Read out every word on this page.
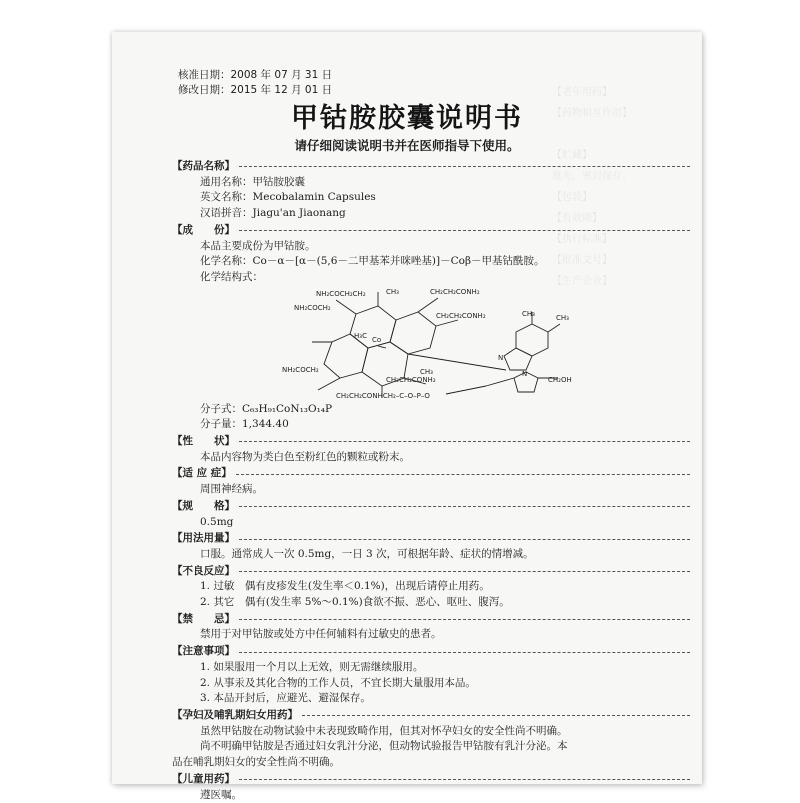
【老年用药】
【药物相互作用】

【贮藏】
遮光，密封保存。
【包装】
【有效期】
【执行标准】
【批准文号】
【生产企业】
核准日期：2008 年 07 月 31 日
修改日期：2015 年 12 月 01 日
甲钴胺胶囊说明书
请仔细阅读说明书并在医师指导下使用。
【药品名称】
通用名称：甲钴胺胶囊
英文名称：Mecobalamin Capsules
汉语拼音：Jiagu'an Jiaonang
【成　　份】
本品主要成份为甲钴胺。
化学名称：Co－α－[α－(5,6－二甲基苯并咪唑基)]－Coβ－甲基钴酰胺。
化学结构式：
NH₂COCH₂CH₂	CH₃	CH₂CH₂CONH₂
NH₂COCH₂
CH₂CH₂CONH₂
Co
H₃C
NH₂COCH₂	CH₃
CH₂CH₂CONH₂
CH₂CH₂CONHCH₂–C–O–P–O
CH₃	CH₃
N
N
CH₂OH
分子式：C₆₃H₉₁CoN₁₃O₁₄P
分子量：1,344.40
【性　　状】
本品内容物为类白色至粉红色的颗粒或粉末。
【适 应 症】
周围神经病。
【规　　格】
0.5mg
【用法用量】
口服。通常成人一次 0.5mg，一日 3 次，可根据年龄、症状的情增减。
【不良反应】
1. 过敏　偶有皮疹发生(发生率＜0.1%)，出现后请停止用药。
2. 其它　偶有(发生率 5%～0.1%)食欲不振、恶心、呕吐、腹泻。
【禁　　忌】
禁用于对甲钴胺或处方中任何辅料有过敏史的患者。
【注意事项】
1. 如果服用一个月以上无效，则无需继续服用。
2. 从事汞及其化合物的工作人员，不宜长期大量服用本品。
3. 本品开封后，应避光、避湿保存。
【孕妇及哺乳期妇女用药】
虽然甲钴胺在动物试验中未表现致畸作用，但其对怀孕妇女的安全性尚不明确。
尚不明确甲钴胺是否通过妇女乳汁分泌，但动物试验报告甲钴胺有乳汁分泌。本
品在哺乳期妇女的安全性尚不明确。
【儿童用药】
遵医嘱。
